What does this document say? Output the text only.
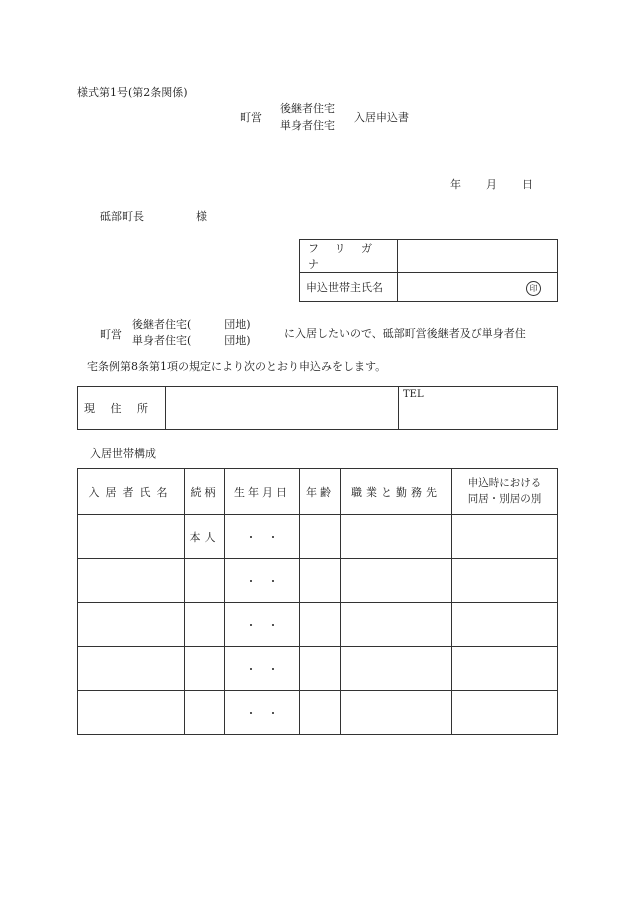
様式第1号(第2条関係)
町営
後継者住宅
単身者住宅
入居申込書
年 月 日
砥部町長	様
フ リ ガ ナ	
申込世帯主氏名	印
町営
後継者住宅(　　　団地)
単身者住宅(　　　団地)
に入居したいので、砥部町営後継者及び単身者住
宅条例第8条第1項の規定により次のとおり申込みをします。
現 住 所		TEL
入居世帯構成
入居者氏名	続柄	生年月日	年齢	職業と勤務先	申込時における
同居・別居の別

	本人	・　・			
		・　・			
		・　・			
		・　・			
		・　・			
